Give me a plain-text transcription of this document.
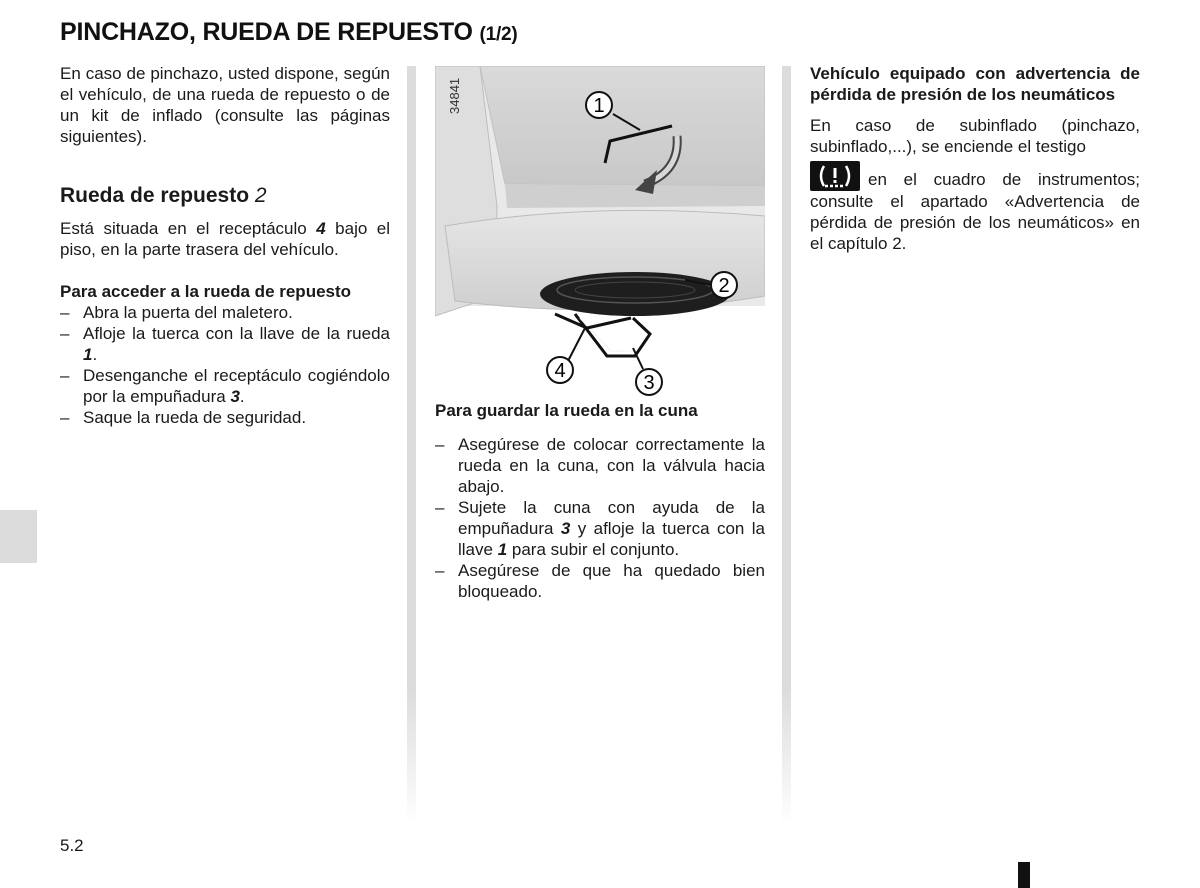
PINCHAZO, RUEDA DE REPUESTO (1/2)

En caso de pinchazo, usted dispone, según el vehículo, de una rueda de repuesto o de un kit de inflado (consulte las páginas siguientes).

Rueda de repuesto 2

Está situada en el receptáculo 4 bajo el piso, en la parte trasera del vehículo.

Para acceder a la rueda de repuesto

– Abra la puerta del maletero.
– Afloje la tuerca con la llave de la rueda 1.
– Desenganche el receptáculo cogiéndolo por la empuñadura 3.
– Saque la rueda de seguridad.
34841	1
2
3
4

Para guardar la rueda en la cuna

– Asegúrese de colocar correctamente la rueda en la cuna, con la válvula hacia abajo.
– Sujete la cuna con ayuda de la empuñadura 3 y afloje la tuerca con la llave 1 para subir el conjunto.
– Asegúrese de que ha quedado bien bloqueado.

Vehículo equipado con advertencia de pérdida de presión de los neumáticos

En caso de subinflado (pinchazo, subinflado,...), se enciende el testigo

en el cuadro de instrumentos; consulte el apartado «Advertencia de pérdida de presión de los neumáticos» en el capítulo 2.

5.2
